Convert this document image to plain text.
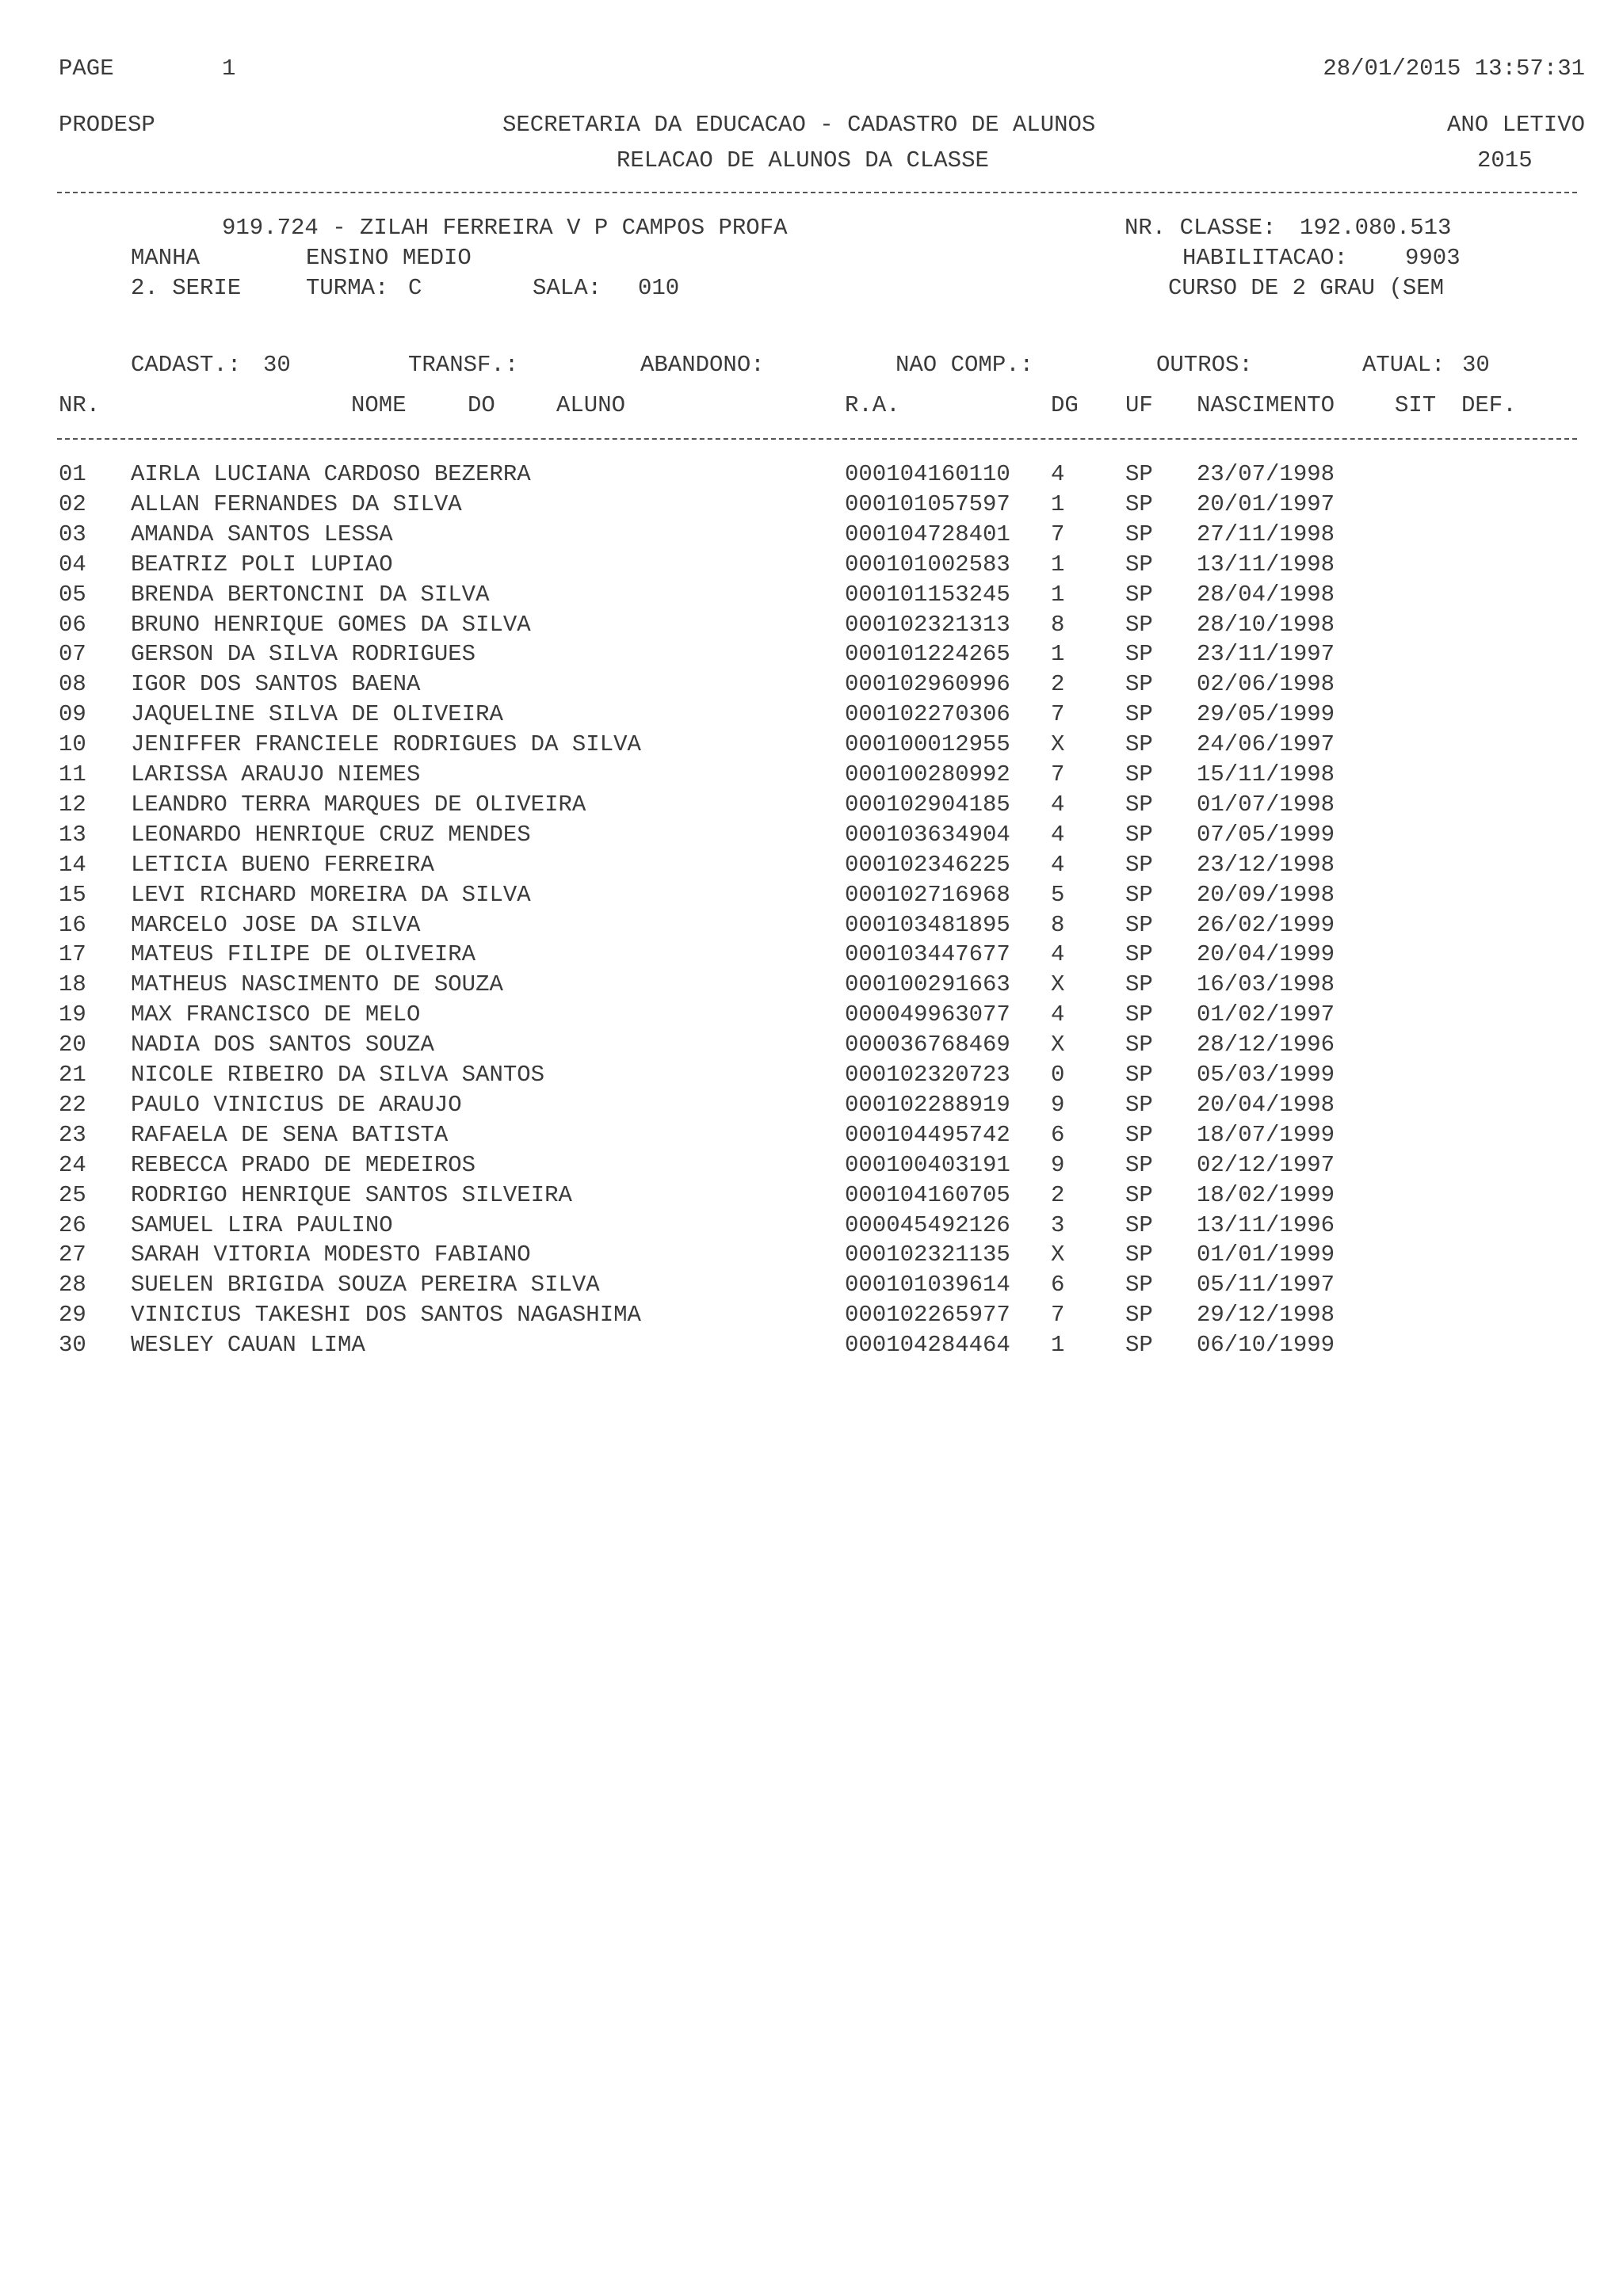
PAGE	1	28/01/2015 13:57:31
PRODESP	SECRETARIA DA EDUCACAO - CADASTRO DE ALUNOS	ANO LETIVO
RELACAO DE ALUNOS DA CLASSE	2015
919.724 - ZILAH FERREIRA V P CAMPOS PROFA	NR. CLASSE: 192.080.513
MANHA	ENSINO MEDIO	HABILITACAO: 9903
2. SERIE	TURMA: C	SALA: 010	CURSO DE 2 GRAU (SEM
CADAST.: 30	TRANSF.:	ABANDONO:	NAO COMP.:	OUTROS:	ATUAL: 30
NR.	NOME	DO	ALUNO	R.A.	DG UF NASCIMENTO	SIT DEF.
01 AIRLA LUCIANA CARDOSO BEZERRA	000104160110 4	SP 23/07/1998
02 ALLAN FERNANDES DA SILVA	000101057597 1	SP 20/01/1997
03 AMANDA SANTOS LESSA	000104728401 7	SP 27/11/1998
04 BEATRIZ POLI LUPIAO	000101002583 1	SP 13/11/1998
05 BRENDA BERTONCINI DA SILVA	000101153245 1	SP 28/04/1998
06 BRUNO HENRIQUE GOMES DA SILVA	000102321313 8	SP 28/10/1998
07 GERSON DA SILVA RODRIGUES	000101224265 1	SP 23/11/1997
08 IGOR DOS SANTOS BAENA	000102960996 2	SP 02/06/1998
09 JAQUELINE SILVA DE OLIVEIRA	000102270306 7	SP 29/05/1999
10 JENIFFER FRANCIELE RODRIGUES DA SILVA	000100012955 X	SP 24/06/1997
11 LARISSA ARAUJO NIEMES	000100280992 7	SP 15/11/1998
12 LEANDRO TERRA MARQUES DE OLIVEIRA	000102904185 4	SP 01/07/1998
13 LEONARDO HENRIQUE CRUZ MENDES	000103634904 4	SP 07/05/1999
14 LETICIA BUENO FERREIRA	000102346225 4	SP 23/12/1998
15 LEVI RICHARD MOREIRA DA SILVA	000102716968 5	SP 20/09/1998
16 MARCELO JOSE DA SILVA	000103481895 8	SP 26/02/1999
17 MATEUS FILIPE DE OLIVEIRA	000103447677 4	SP 20/04/1999
18 MATHEUS NASCIMENTO DE SOUZA	000100291663 X	SP 16/03/1998
19 MAX FRANCISCO DE MELO	000049963077 4	SP 01/02/1997
20 NADIA DOS SANTOS SOUZA	000036768469 X	SP 28/12/1996
21 NICOLE RIBEIRO DA SILVA SANTOS	000102320723 0	SP 05/03/1999
22 PAULO VINICIUS DE ARAUJO	000102288919 9	SP 20/04/1998
23 RAFAELA DE SENA BATISTA	000104495742 6	SP 18/07/1999
24 REBECCA PRADO DE MEDEIROS	000100403191 9	SP 02/12/1997
25 RODRIGO HENRIQUE SANTOS SILVEIRA	000104160705 2	SP 18/02/1999
26 SAMUEL LIRA PAULINO	000045492126 3	SP 13/11/1996
27 SARAH VITORIA MODESTO FABIANO	000102321135 X	SP 01/01/1999
28 SUELEN BRIGIDA SOUZA PEREIRA SILVA	000101039614 6	SP 05/11/1997
29 VINICIUS TAKESHI DOS SANTOS NAGASHIMA	000102265977 7	SP 29/12/1998
30 WESLEY CAUAN LIMA	000104284464 1	SP 06/10/1999
